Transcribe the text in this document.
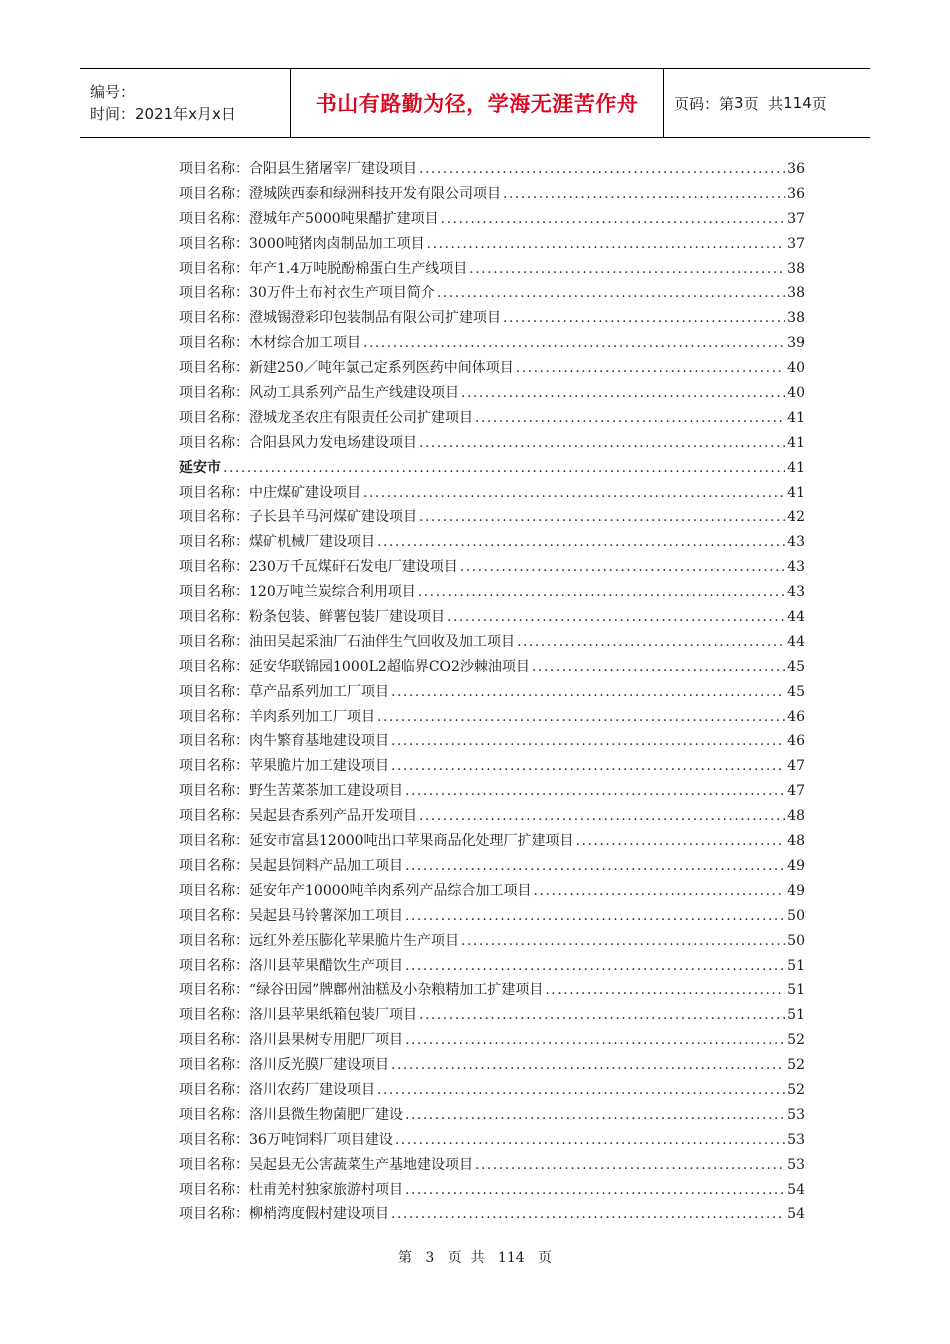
编号：
时间：2021年x月x日	书山有路勤为径，学海无涯苦作舟	页码：第 3 页  共 114 页
项目名称：合阳县生猪屠宰厂建设项目 .....	36
项目名称：澄城陕西泰和绿洲科技开发有限公司项目 .....	36
项目名称：澄城年产5000吨果醋扩建项目 .....	37
项目名称：3000吨猪肉卤制品加工项目 .....	37
项目名称：年产1.4万吨脱酚棉蛋白生产线项目 .....	38
项目名称：30万件土布衬衣生产项目简介 .....	38
项目名称：澄城锡澄彩印包装制品有限公司扩建项目 .....	38
项目名称：木材综合加工项目 .....	39
项目名称：新建250／吨年氯己定系列医药中间体项目 .....	40
项目名称：风动工具系列产品生产线建设项目 .....	40
项目名称：澄城龙圣农庄有限责任公司扩建项目 .....	41
项目名称：合阳县风力发电场建设项目 .....	41
延安市 .....	41
项目名称：中庄煤矿建设项目 .....	41
项目名称：子长县羊马河煤矿建设项目 .....	42
项目名称：煤矿机械厂建设项目 .....	43
项目名称：230万千瓦煤矸石发电厂建设项目 .....	43
项目名称：120万吨兰炭综合利用项目 .....	43
项目名称：粉条包装、鲜薯包装厂建设项目 .....	44
项目名称：油田吴起采油厂石油伴生气回收及加工项目 .....	44
项目名称：延安华联锦园1000L2超临界CO2沙棘油项目 .....	45
项目名称：草产品系列加工厂项目 .....	45
项目名称：羊肉系列加工厂项目 .....	46
项目名称：肉牛繁育基地建设项目 .....	46
项目名称：苹果脆片加工建设项目 .....	47
项目名称：野生苦菜茶加工建设项目 .....	47
项目名称：吴起县杏系列产品开发项目 .....	48
项目名称：延安市富县12000吨出口苹果商品化处理厂扩建项目 .....	48
项目名称：吴起县饲料产品加工项目 .....	49
项目名称：延安年产10000吨羊肉系列产品综合加工项目 .....	49
项目名称：吴起县马铃薯深加工项目 .....	50
项目名称：远红外差压膨化苹果脆片生产项目 .....	50
项目名称：洛川县苹果醋饮生产项目 .....	51
项目名称：“绿谷田园”牌鄜州油糕及小杂粮精加工扩建项目 .....	51
项目名称：洛川县苹果纸箱包装厂项目 .....	51
项目名称：洛川县果树专用肥厂项目 .....	52
项目名称：洛川反光膜厂建设项目 .....	52
项目名称：洛川农药厂建设项目 .....	52
项目名称：洛川县微生物菌肥厂建设 .....	53
项目名称：36万吨饲料厂项目建设 .....	53
项目名称：吴起县无公害蔬菜生产基地建设项目 .....	53
项目名称：杜甫羌村独家旅游村项目 .....	54
项目名称：柳梢湾度假村建设项目 .....	54
第 3 页  共 114 页
